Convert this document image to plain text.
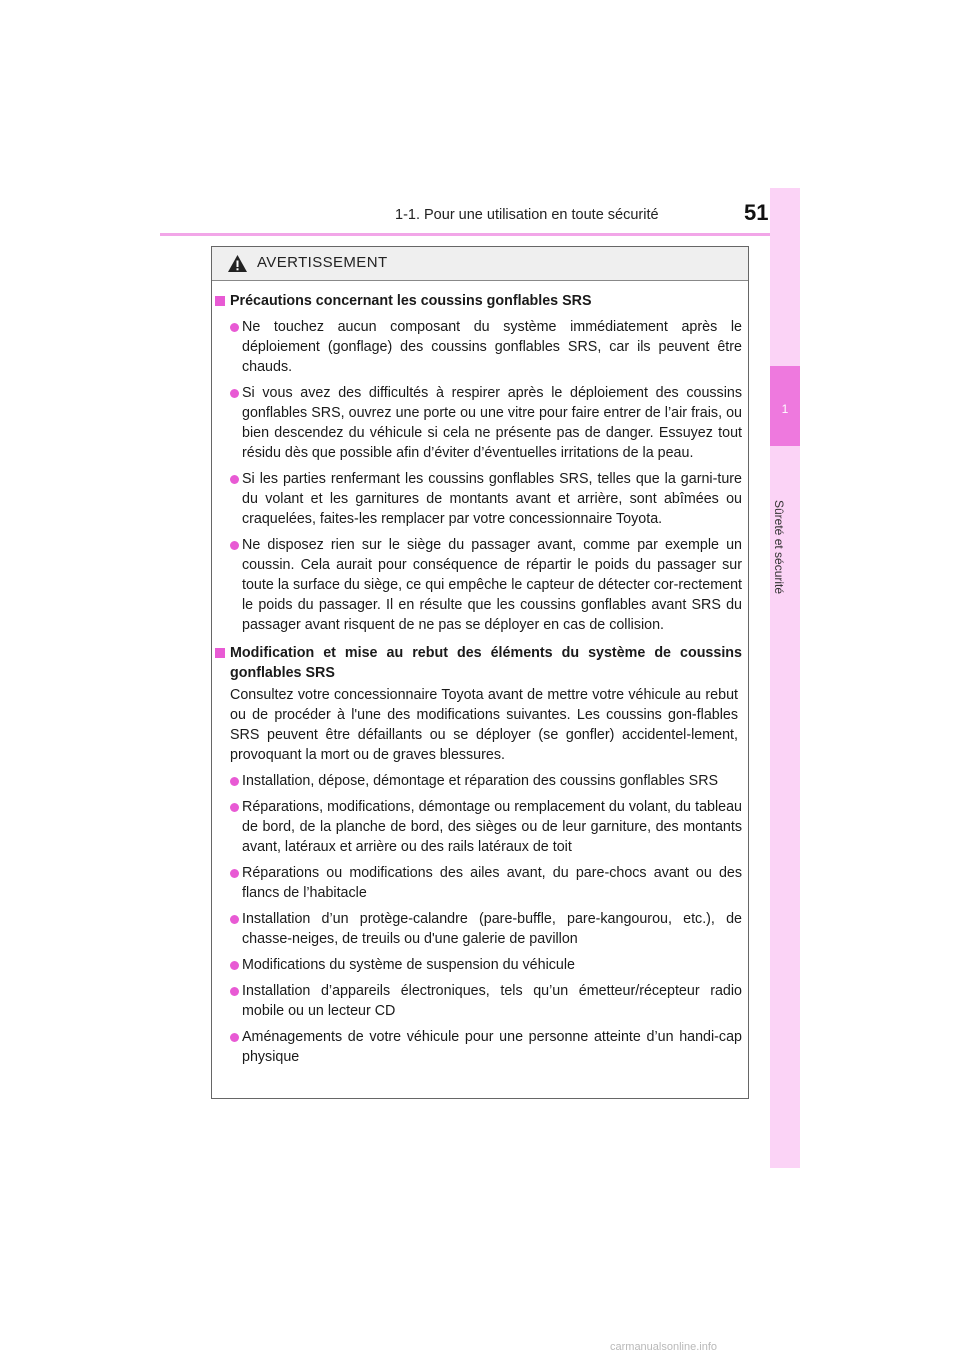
1-1. Pour une utilisation en toute sécurité	51
1
Sûreté et sécurité
AVERTISSEMENT
Précautions concernant les coussins gonflables SRS
Ne touchez aucun composant du système immédiatement après le déploiement (gonflage) des coussins gonflables SRS, car ils peuvent être chauds.
Si vous avez des difficultés à respirer après le déploiement des coussins gonflables SRS, ouvrez une porte ou une vitre pour faire entrer de l’air frais, ou bien descendez du véhicule si cela ne présente pas de danger. Essuyez tout résidu dès que possible afin d’éviter d’éventuelles irritations de la peau.
Si les parties renfermant les coussins gonflables SRS, telles que la garni-ture du volant et les garnitures de montants avant et arrière, sont abîmées ou craquelées, faites-les remplacer par votre concessionnaire Toyota.
Ne disposez rien sur le siège du passager avant, comme par exemple un coussin. Cela aurait pour conséquence de répartir le poids du passager sur toute la surface du siège, ce qui empêche le capteur de détecter cor-rectement le poids du passager. Il en résulte que les coussins gonflables avant SRS du passager avant risquent de ne pas se déployer en cas de collision.
Modification et mise au rebut des éléments du système de coussins gonflables SRS
Consultez votre concessionnaire Toyota avant de mettre votre véhicule au rebut ou de procéder à l'une des modifications suivantes. Les coussins gon-flables SRS peuvent être défaillants ou se déployer (se gonfler) accidentel-lement, provoquant la mort ou de graves blessures.
Installation, dépose, démontage et réparation des coussins gonflables SRS
Réparations, modifications, démontage ou remplacement du volant, du tableau de bord, de la planche de bord, des sièges ou de leur garniture, des montants avant, latéraux et arrière ou des rails latéraux de toit
Réparations ou modifications des ailes avant, du pare-chocs avant ou des flancs de l’habitacle
Installation d’un protège-calandre (pare-buffle, pare-kangourou, etc.), de chasse-neiges, de treuils ou d'une galerie de pavillon
Modifications du système de suspension du véhicule
Installation d’appareils électroniques, tels qu’un émetteur/récepteur radio mobile ou un lecteur CD
Aménagements de votre véhicule pour une personne atteinte d’un handi-cap physique
carmanualsonline.info
